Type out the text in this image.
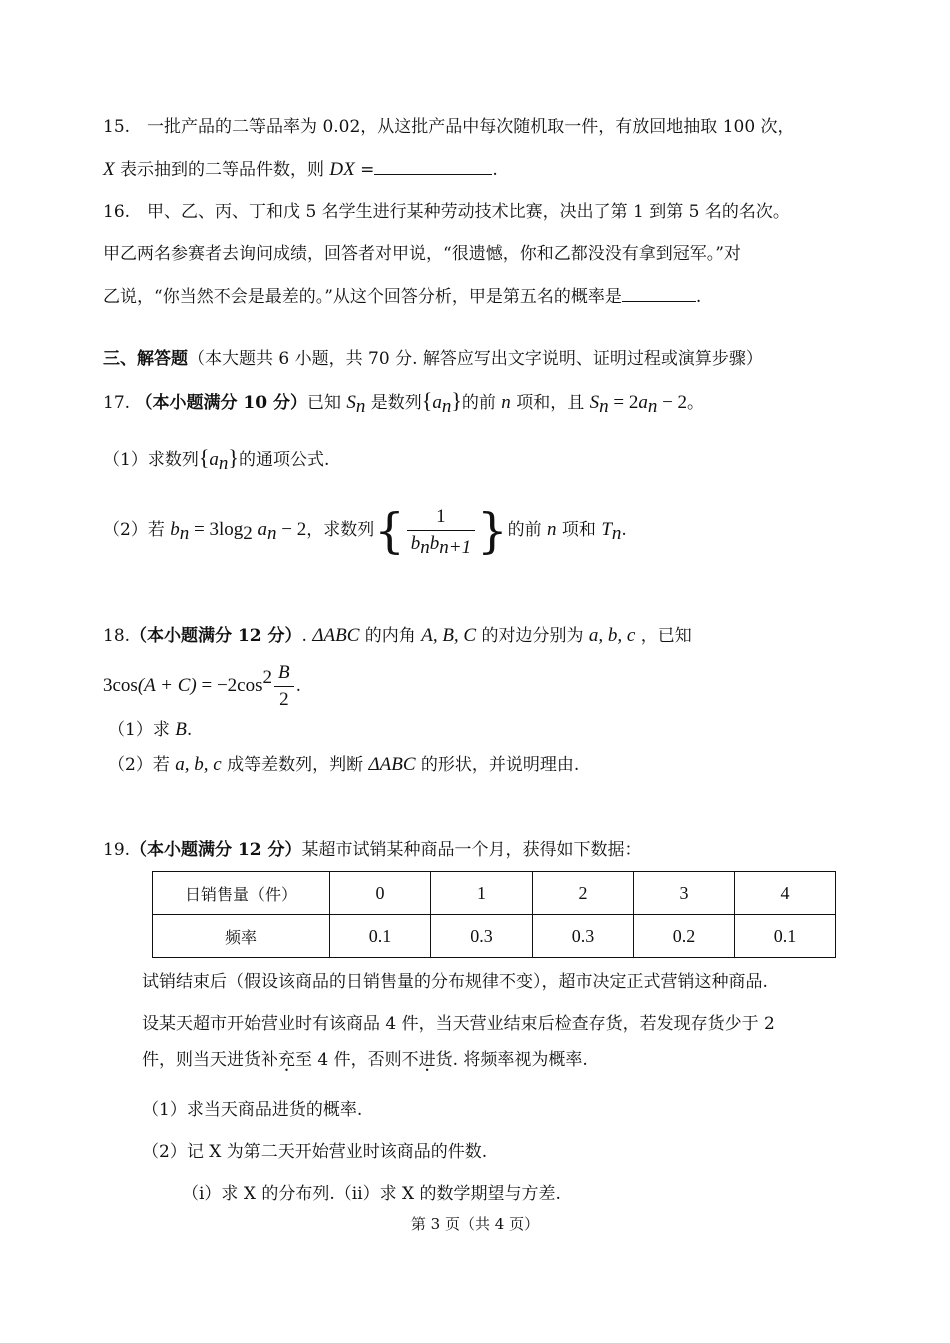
15.　一批产品的二等品率为 0.02，从这批产品中每次随机取一件，有放回地抽取 100 次，
X 表示抽到的二等品件数，则 DX =	.
16.　甲、乙、丙、丁和戊 5 名学生进行某种劳动技术比赛，决出了第 1 到第 5 名的名次。
甲乙两名参赛者去询问成绩，回答者对甲说，“很遗憾，你和乙都没没有拿到冠军。”对
乙说，“你当然不会是最差的。”从这个回答分析，甲是第五名的概率是	.
三、解答题（本大题共 6 小题，共 70 分. 解答应写出文字说明、证明过程或演算步骤）
17. （本小题满分 10 分）已知 $S_n$ 是数列$\{a_n\}$的前 n 项和，且 $S_n = 2a_n - 2$。
（1）求数列$\{a_n\}$的通项公式.
（2）若 $b_n = 3\log_2$ $a_n - 2$，求数列{ $\frac{1}{b_nb_{n+1}}$ }的前 n 项和 $T_n$.
18.（本小题满分 12 分）. ΔABC 的内角 A, B, C 的对边分别为 a, b, c ，已知
$3\cos(A + C) = -2\cos^2 \frac{B}{2}$ .
（1）求 B.
（2）若 a, b, c 成等差数列，判断 ΔABC 的形状，并说明理由.
19.（本小题满分 12 分）某超市试销某种商品一个月，获得如下数据：
日销售量（件）	0	1	2	3	4
频率	0.1	0.3	0.3	0.2	0.1
试销结束后（假设该商品的日销售量的分布规律不变），超市决定正式营销这种商品.
设某天超市开始营业时有该商品 4 件，当天营业结束后检查存货，若发现存货少于 2
件，则当天进货补充至 4 件，否则不进货. 将频率视为概率.
（1）求当天商品进货的概率.
（2）记 X 为第二天开始营业时该商品的件数.
（ⅰ）求 X 的分布列.（ⅱ）求 X 的数学期望与方差.
第 3 页（共 4 页）
